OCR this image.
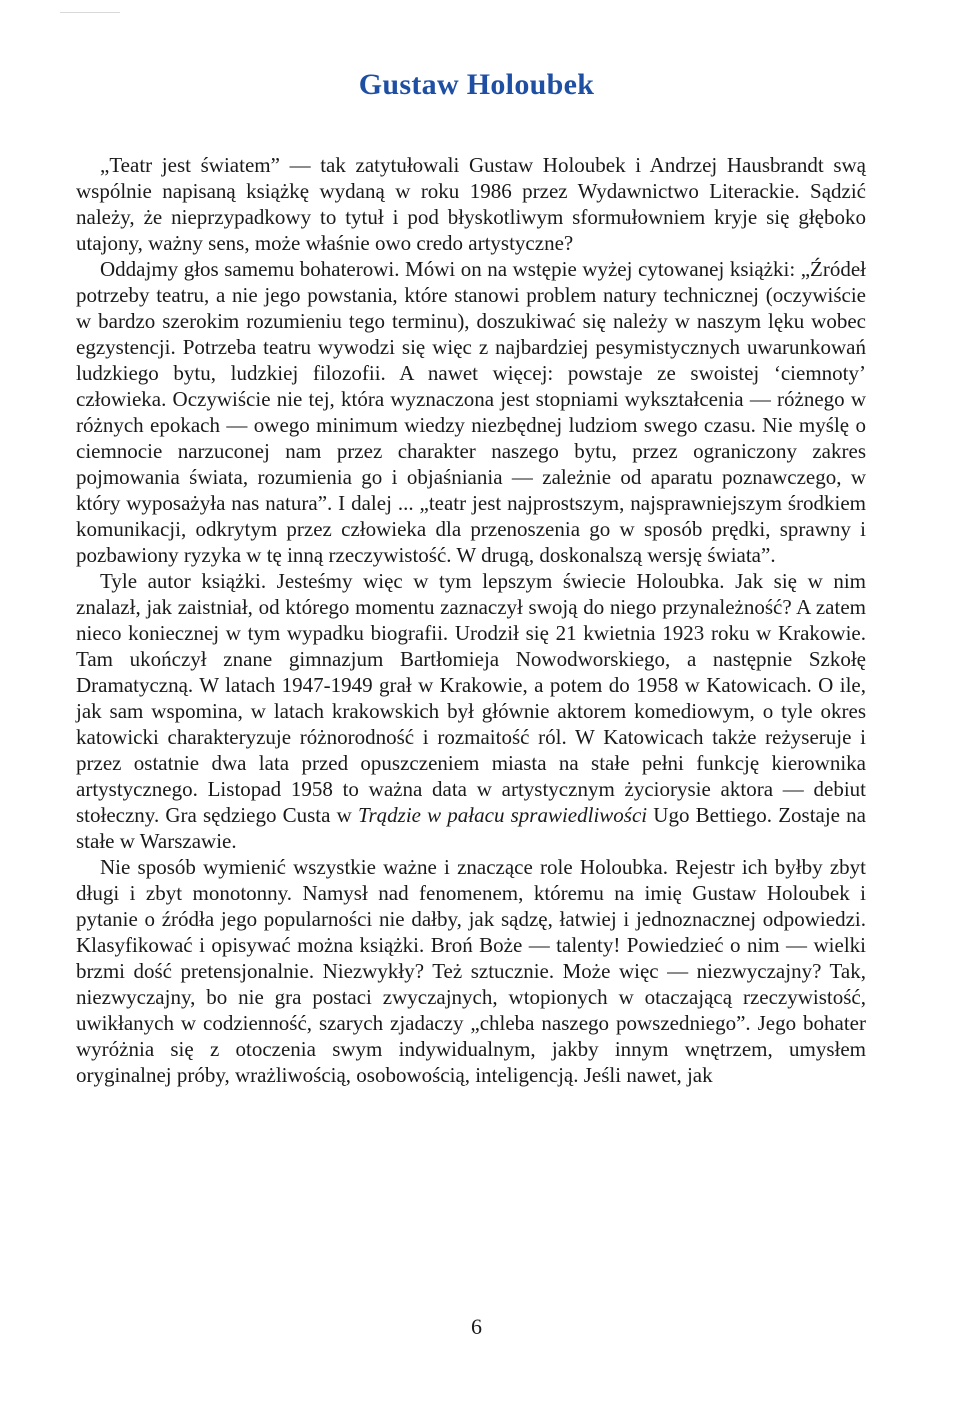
Gustaw Holoubek

„Teatr jest światem” — tak zatytułowali Gustaw Holoubek i Andrzej Hausbrandt swą wspólnie napisaną książkę wydaną w roku 1986 przez Wydawnictwo Literackie. Sądzić należy, że nieprzypadkowy to tytuł i pod błyskotliwym sformułowniem kryje się głęboko utajony, ważny sens, może właśnie owo credo artystyczne?

Oddajmy głos samemu bohaterowi. Mówi on na wstępie wyżej cytowanej książki: „Źródeł potrzeby teatru, a nie jego powstania, które stanowi problem natury technicznej (oczywiście w bardzo szerokim rozumieniu tego terminu), doszukiwać się należy w naszym lęku wobec egzystencji. Potrzeba teatru wywodzi się więc z najbardziej pesymistycznych uwarunkowań ludzkiego bytu, ludzkiej filozofii. A nawet więcej: powstaje ze swoistej ‘ciemnoty’ człowieka. Oczywiście nie tej, która wyznaczona jest stopniami wykształcenia — różnego w różnych epokach — owego minimum wiedzy niezbędnej ludziom swego czasu. Nie myślę o ciemnocie narzuconej nam przez charakter naszego bytu, przez ograniczony zakres pojmowania świata, rozumienia go i objaśniania — zależnie od aparatu poznawczego, w który wyposażyła nas natura”. I dalej ... „teatr jest najprostszym, najsprawniejszym środkiem komunikacji, odkrytym przez człowieka dla przenoszenia go w sposób prędki, sprawny i pozbawiony ryzyka w tę inną rzeczywistość. W drugą, doskonalszą wersję świata”.

Tyle autor książki. Jesteśmy więc w tym lepszym świecie Holoubka. Jak się w nim znalazł, jak zaistniał, od którego momentu zaznaczył swoją do niego przynależność? A zatem nieco koniecznej w tym wypadku biografii. Urodził się 21 kwietnia 1923 roku w Krakowie. Tam ukończył znane gimnazjum Bartłomieja Nowodworskiego, a następnie Szkołę Dramatyczną. W latach 1947-1949 grał w Krakowie, a potem do 1958 w Katowicach. O ile, jak sam wspomina, w latach krakowskich był głównie aktorem komediowym, o tyle okres katowicki charakteryzuje różnorodność i rozmaitość ról. W Katowicach także reżyseruje i przez ostatnie dwa lata przed opuszczeniem miasta na stałe pełni funkcję kierownika artystycznego. Listopad 1958 to ważna data w artystycznym życiorysie aktora — debiut stołeczny. Gra sędziego Custa w Trądzie w pałacu sprawiedliwości Ugo Bettiego. Zostaje na stałe w Warszawie.

Nie sposób wymienić wszystkie ważne i znaczące role Holoubka. Rejestr ich byłby zbyt długi i zbyt monotonny. Namysł nad fenomenem, któremu na imię Gustaw Holoubek i pytanie o źródła jego popularności nie dałby, jak sądzę, łatwiej i jednoznacznej odpowiedzi. Klasyfikować i opisywać można książki. Broń Boże — talenty! Powiedzieć o nim — wielki brzmi dość pretensjonalnie. Niezwykły? Też sztucznie. Może więc — niezwyczajny? Tak, niezwyczajny, bo nie gra postaci zwyczajnych, wtopionych w otaczającą rzeczywistość, uwikłanych w codzienność, szarych zjadaczy „chleba naszego powszedniego”. Jego bohater wyróżnia się z otoczenia swym indywidualnym, jakby innym wnętrzem, umysłem oryginalnej próby, wrażliwością, osobowością, inteligencją. Jeśli nawet, jak

6
